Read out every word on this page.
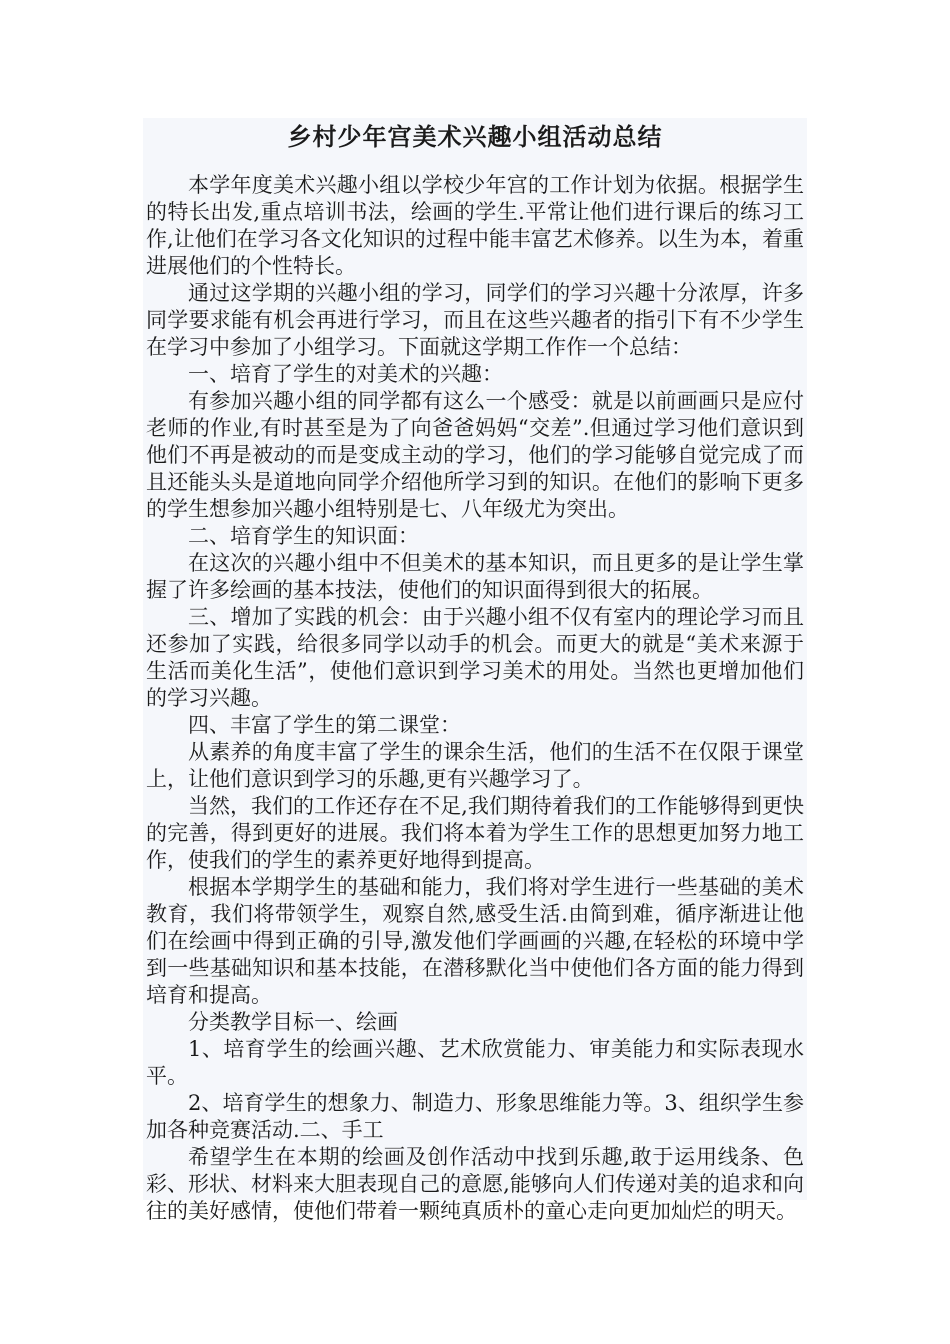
乡村少年宫美术兴趣小组活动总结

本学年度美术兴趣小组以学校少年宫的工作计划为依据。根据学生的特长出发,重点培训书法，绘画的学生.平常让他们进行课后的练习工作,让他们在学习各文化知识的过程中能丰富艺术修养。以生为本，着重进展他们的个性特长。

通过这学期的兴趣小组的学习，同学们的学习兴趣十分浓厚，许多同学要求能有机会再进行学习，而且在这些兴趣者的指引下有不少学生在学习中参加了小组学习。下面就这学期工作作一个总结：

一、培育了学生的对美术的兴趣：

有参加兴趣小组的同学都有这么一个感受：就是以前画画只是应付老师的作业,有时甚至是为了向爸爸妈妈“交差”.但通过学习他们意识到他们不再是被动的而是变成主动的学习，他们的学习能够自觉完成了而且还能头头是道地向同学介绍他所学习到的知识。在他们的影响下更多的学生想参加兴趣小组特别是七、八年级尤为突出。

二、培育学生的知识面：

在这次的兴趣小组中不但美术的基本知识，而且更多的是让学生掌握了许多绘画的基本技法，使他们的知识面得到很大的拓展。

三、增加了实践的机会：由于兴趣小组不仅有室内的理论学习而且还参加了实践，给很多同学以动手的机会。而更大的就是“美术来源于生活而美化生活”，使他们意识到学习美术的用处。当然也更增加他们的学习兴趣。

四、丰富了学生的第二课堂：

从素养的角度丰富了学生的课余生活，他们的生活不在仅限于课堂上，让他们意识到学习的乐趣,更有兴趣学习了。

当然，我们的工作还存在不足,我们期待着我们的工作能够得到更快的完善，得到更好的进展。我们将本着为学生工作的思想更加努力地工作，使我们的学生的素养更好地得到提高。

根据本学期学生的基础和能力，我们将对学生进行一些基础的美术教育，我们将带领学生，观察自然,感受生活.由简到难，循序渐进让他们在绘画中得到正确的引导,激发他们学画画的兴趣,在轻松的环境中学到一些基础知识和基本技能，在潜移默化当中使他们各方面的能力得到培育和提高。

分类教学目标一、绘画

1、培育学生的绘画兴趣、艺术欣赏能力、审美能力和实际表现水平。

2、培育学生的想象力、制造力、形象思维能力等。3、组织学生参加各种竞赛活动.二、手工

希望学生在本期的绘画及创作活动中找到乐趣,敢于运用线条、色彩、形状、材料来大胆表现自己的意愿,能够向人们传递对美的追求和向往的美好感情，使他们带着一颗纯真质朴的童心走向更加灿烂的明天。
